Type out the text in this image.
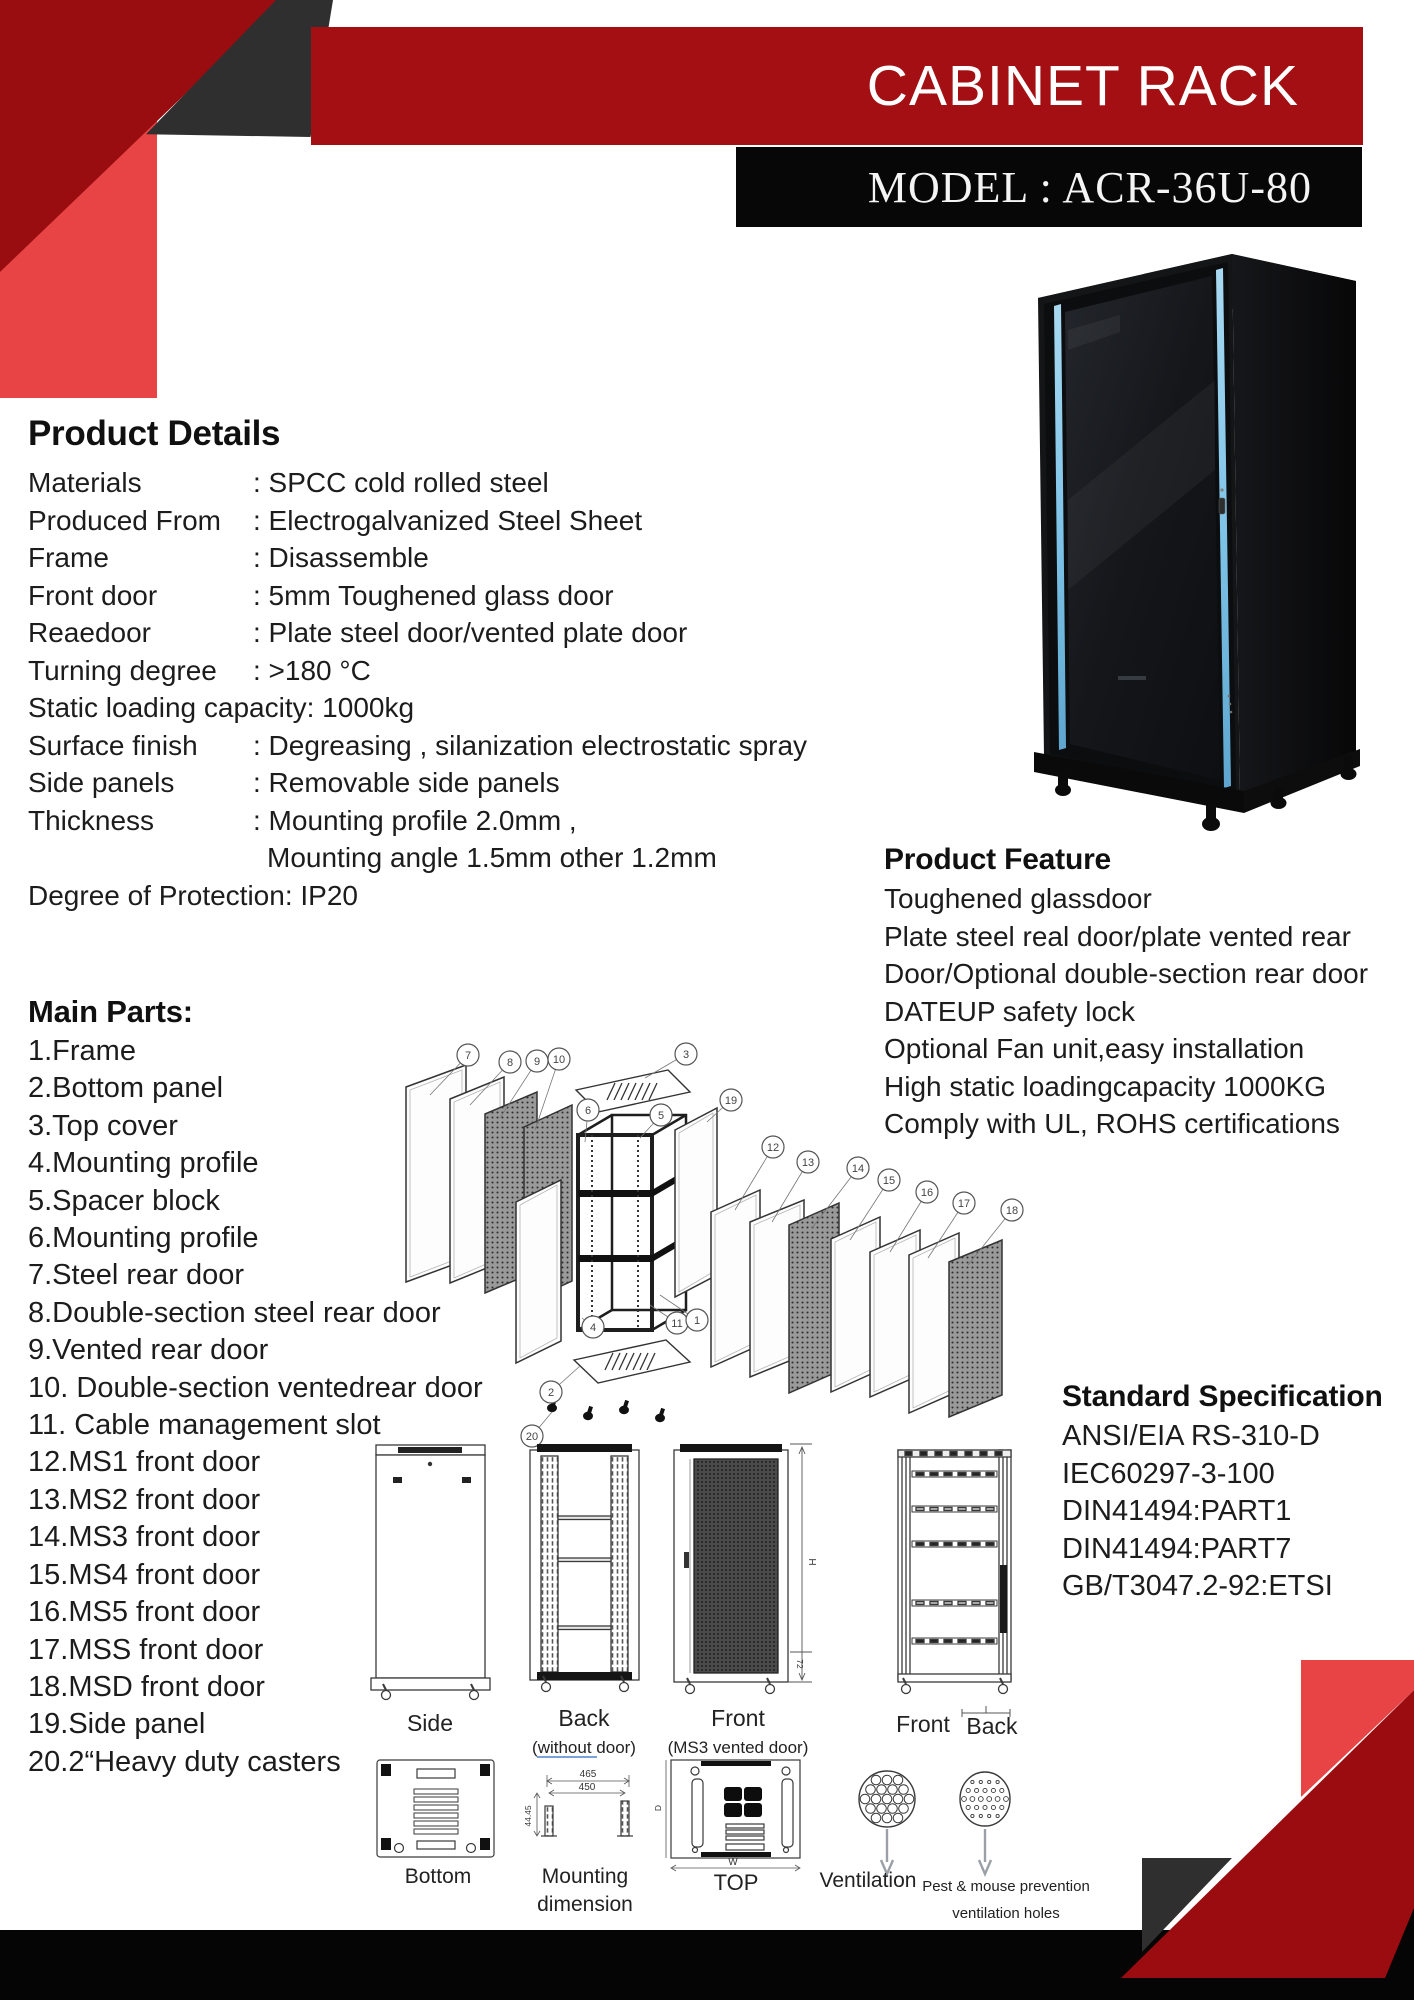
CABINET RACK
MODEL : ACR-36U-80
Product Details
Materials	: SPCC cold rolled steel
Produced From	: Electrogalvanized Steel Sheet
Frame	: Disassemble
Front door	: 5mm Toughened glass door
Reaedoor	: Plate steel door/vented plate door
Turning degree	: >180 °C
Static loading capacity : 1000kg
Surface finish	: Degreasing , silanization electrostatic spray
Side panels	: Removable side panels
Thickness	: Mounting profile 2.0mm ,
Mounting angle 1.5mm other 1.2mm
Degree of Protection : IP20
Product Feature
Toughened glassdoor
Plate steel real door/plate vented rear
Door/Optional double-section rear door
DATEUP safety lock
Optional Fan unit,easy installation
High static loadingcapacity 1000KG
Comply with UL, ROHS certifications
Main Parts:
1.Frame
2.Bottom panel
3.Top cover
4.Mounting profile
5.Spacer block
6.Mounting profile
7.Steel rear door
8.Double-section steel rear door
9.Vented rear door
10. Double-section ventedrear door
11. Cable management slot
12.MS1 front door
13.MS2 front door
14.MS3 front door
15.MS4 front door
16.MS5 front door
17.MSS front door
18.MSD front door
19.Side panel
20.2“Heavy duty casters
Standard Specification
ANSI/EIA RS-310-D
IEC60297-3-100
DIN41494:PART1
DIN41494:PART7
GB/T3047.2-92:ETSI
7
8 9 10	3
19
6	5
12
13	14
15
16
17
18
4	11 1
2
20
Side	Back
(without door)
Front
(MS3 vented door)
Front Back
Bottom	Mounting
dimension
TOP	Ventilation Pest & mouse prevention
ventilation holes
465
450
44.45
H
72
W
D
